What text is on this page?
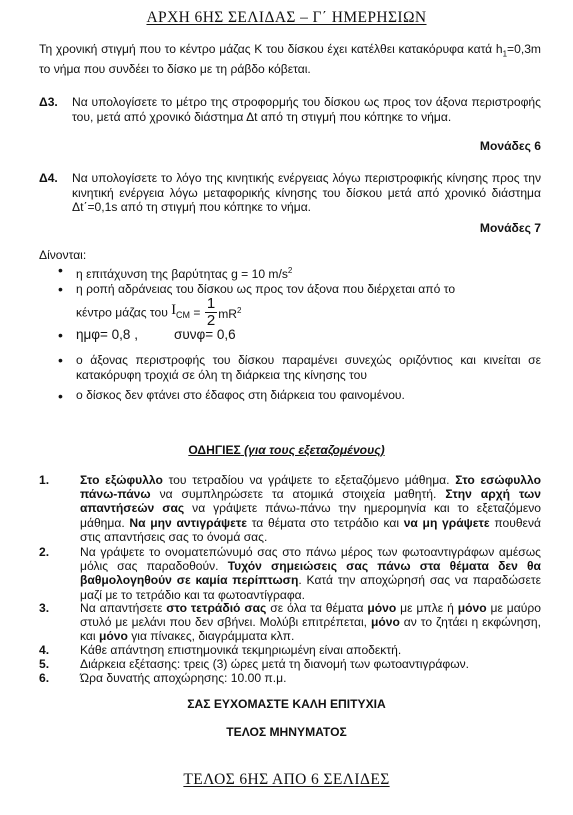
ΑΡΧΗ 6ΗΣ ΣΕΛΙΔΑΣ – Γ΄ ΗΜΕΡΗΣΙΩΝ
Τη χρονική στιγμή που το κέντρο μάζας Κ του δίσκου έχει κατέλθει κατακόρυφα κατά $h_1=0,3m$ το νήμα που συνδέει το δίσκο με τη ράβδο κόβεται.
Δ3. Να υπολογίσετε το μέτρο της στροφορμής του δίσκου ως προς τον άξονα περιστροφής του, μετά από χρονικό διάστημα Δt από τη στιγμή που κόπηκε το νήμα.
Μονάδες 6
Δ4. Να υπολογίσετε το λόγο της κινητικής ενέργειας λόγω περιστροφικής κίνησης προς την κινητική ενέργεια λόγω μεταφορικής κίνησης του δίσκου μετά από χρονικό διάστημα Δt΄=0,1s από τη στιγμή που κόπηκε το νήμα.
Μονάδες 7
Δίνονται:
• η επιτάχυνση της βαρύτητας g = 10 $m/s^2$
• η ροπή αδράνειας του δίσκου ως προς τον άξονα που διέρχεται από το
κέντρο μάζας του $I_{CM} = \frac{1}{2} mR^2$
• ημφ= 0,8 ,	συνφ= 0,6
• ο άξονας περιστροφής του δίσκου παραμένει συνεχώς οριζόντιος και κινείται σε κατακόρυφη τροχιά σε όλη τη διάρκεια της κίνησης του
• ο δίσκος δεν φτάνει στο έδαφος στη διάρκεια του φαινομένου.
ΟΔΗΓΙΕΣ (για τους εξεταζομένους)
1.	Στο εξώφυλλο του τετραδίου να γράψετε το εξεταζόμενο μάθημα. Στο εσώφυλλο πάνω-πάνω να συμπληρώσετε τα ατομικά στοιχεία μαθητή. Στην αρχή των απαντήσεών σας να γράψετε πάνω-πάνω την ημερομηνία και το εξεταζόμενο μάθημα. Να μην αντιγράψετε τα θέματα στο τετράδιο και να μη γράψετε πουθενά στις απαντήσεις σας το όνομά σας.
2.	Να γράψετε το ονοματεπώνυμό σας στο πάνω μέρος των φωτοαντιγράφων αμέσως μόλις σας παραδοθούν. Τυχόν σημειώσεις σας πάνω στα θέματα δεν θα βαθμολογηθούν σε καμία περίπτωση. Κατά την αποχώρησή σας να παραδώσετε μαζί με το τετράδιο και τα φωτοαντίγραφα.
3.	Να απαντήσετε στο τετράδιό σας σε όλα τα θέματα μόνο με μπλε ή μόνο με μαύρο στυλό με μελάνι που δεν σβήνει. Μολύβι επιτρέπεται, μόνο αν το ζητάει η εκφώνηση, και μόνο για πίνακες, διαγράμματα κλπ.
4.	Κάθε απάντηση επιστημονικά τεκμηριωμένη είναι αποδεκτή.
5.	Διάρκεια εξέτασης: τρεις (3) ώρες μετά τη διανομή των φωτοαντιγράφων.
6.	Ώρα δυνατής αποχώρησης: 10.00 π.μ.
ΣΑΣ ΕΥΧΟΜΑΣΤΕ ΚΑΛΗ ΕΠΙΤΥΧΙΑ
ΤΕΛΟΣ ΜΗΝΥΜΑΤΟΣ
ΤΕΛΟΣ 6ΗΣ ΑΠΟ 6 ΣΕΛΙΔΕΣ
